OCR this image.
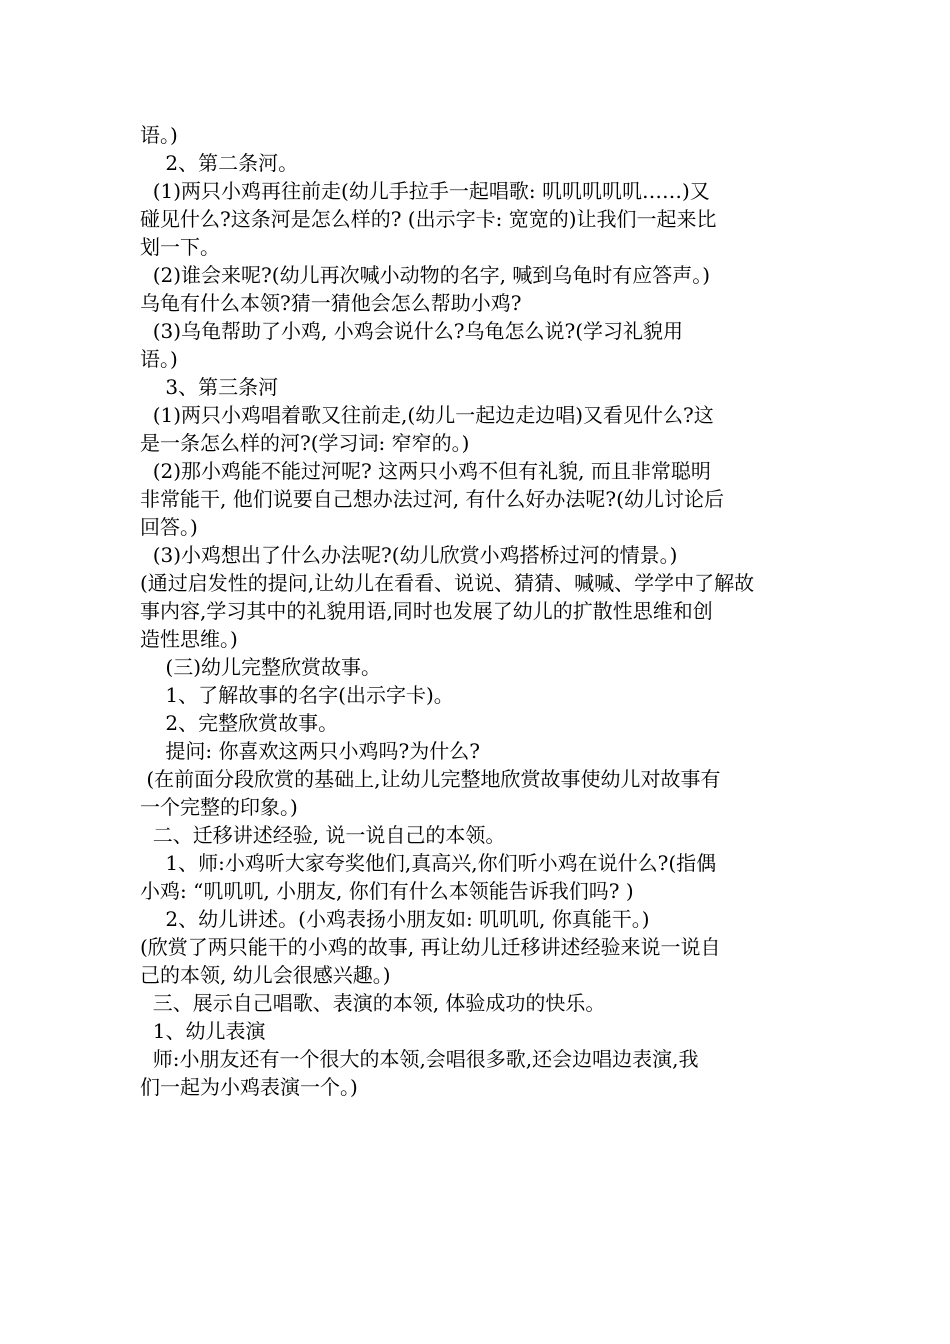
语。)
2、第二条河。
(1)两只小鸡再往前走(幼儿手拉手一起唱歌: 叽叽叽叽叽……)又
碰见什么?这条河是怎么样的? (出示字卡: 宽宽的)让我们一起来比
划一下。
(2)谁会来呢?(幼儿再次喊小动物的名字, 喊到乌龟时有应答声。)
乌龟有什么本领?猜一猜他会怎么帮助小鸡?
(3)乌龟帮助了小鸡, 小鸡会说什么?乌龟怎么说?(学习礼貌用
语。)
3、第三条河
(1)两只小鸡唱着歌又往前走,(幼儿一起边走边唱)又看见什么?这
是一条怎么样的河?(学习词: 窄窄的。)
(2)那小鸡能不能过河呢? 这两只小鸡不但有礼貌, 而且非常聪明
非常能干, 他们说要自己想办法过河, 有什么好办法呢?(幼儿讨论后
回答。)
(3)小鸡想出了什么办法呢?(幼儿欣赏小鸡搭桥过河的情景。)
(通过启发性的提问,让幼儿在看看、说说、猜猜、喊喊、学学中了解故
事内容,学习其中的礼貌用语,同时也发展了幼儿的扩散性思维和创
造性思维。)
(三)幼儿完整欣赏故事。
1、了解故事的名字(出示字卡)。
2、完整欣赏故事。
提问: 你喜欢这两只小鸡吗?为什么?
(在前面分段欣赏的基础上,让幼儿完整地欣赏故事使幼儿对故事有
一个完整的印象。)
二、迁移讲述经验, 说一说自己的本领。
1、师:小鸡听大家夸奖他们,真高兴,你们听小鸡在说什么?(指偶
小鸡: “叽叽叽, 小朋友, 你们有什么本领能告诉我们吗? )
2、幼儿讲述。(小鸡表扬小朋友如: 叽叽叽, 你真能干。)
(欣赏了两只能干的小鸡的故事, 再让幼儿迁移讲述经验来说一说自
己的本领, 幼儿会很感兴趣。)
三、展示自己唱歌、表演的本领, 体验成功的快乐。
1、幼儿表演
师:小朋友还有一个很大的本领,会唱很多歌,还会边唱边表演,我
们一起为小鸡表演一个。)
